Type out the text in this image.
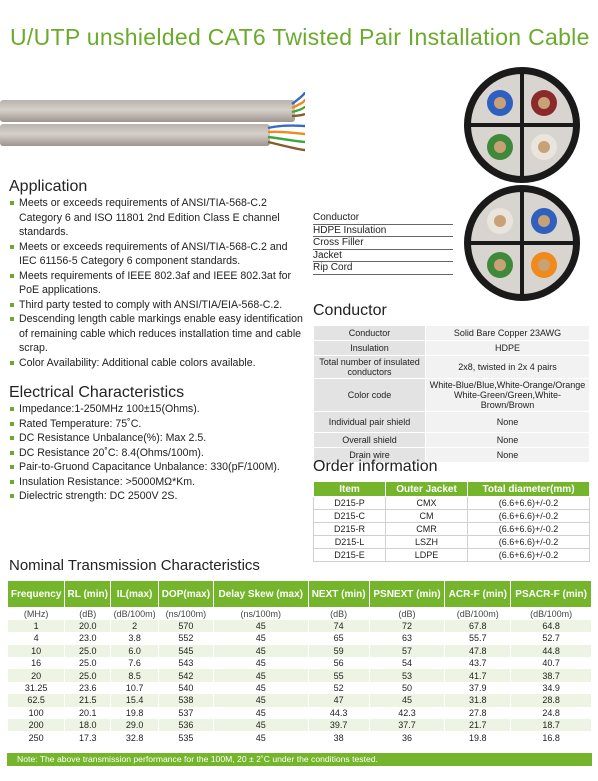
U/UTP unshielded CAT6 Twisted Pair Installation Cable
Conductor
HDPE Insulation
Cross Filler
Jacket
Rip Cord
Application
Meets or exceeds requirements of ANSI/TIA-568-C.2 Category 6 and ISO 11801 2nd Edition Class E channel standards.
Meets or exceeds requirements of ANSI/TIA-568-C.2 and IEC 61156-5 Category 6 component standards.
Meets requirements of IEEE 802.3af and IEEE 802.3at for PoE applications.
Third party tested to comply with ANSI/TIA/EIA-568-C.2.
Descending length cable markings enable easy identification of remaining cable which reduces installation time and cable scrap.
Color Availability: Additional cable colors available.
Electrical Characteristics
Impedance:1-250MHz 100±15(Ohms).
Rated Temperature: 75˚C.
DC Resistance Unbalance(%): Max 2.5.
DC Resistance 20˚C: 8.4(Ohms/100m).
Pair-to-Gruond Capacitance Unbalance: 330(pF/100M).
Insulation Resistance: >5000MΩ*Km.
Dielectric strength: DC 2500V 2S.
Conductor
Conductor	Solid Bare Copper 23AWG
Insulation	HDPE
Total number of insulated conductors	2x8, twisted in 2x 4 pairs
Color code	White-Blue/Blue,White-Orange/Orange White-Green/Green,White-Brown/Brown
Individual pair shield	None
Overall shield	None
Drain wire	None
Order information
Item	Outer Jacket	Total diameter(mm)
D215-P	CMX	(6.6+6.6)+/-0.2
D215-C	CM	(6.6+6.6)+/-0.2
D215-R	CMR	(6.6+6.6)+/-0.2
D215-L	LSZH	(6.6+6.6)+/-0.2
D215-E	LDPE	(6.6+6.6)+/-0.2
Nominal Transmission Characteristics
Frequency	RL (min)	IL(max)	DOP(max)	Delay Skew (max)	NEXT (min)	PSNEXT (min)	ACR-F (min)	PSACR-F (min)
(MHz)	(dB)	(dB/100m)	(ns/100m)	(ns/100m)	(dB)	(dB)	(dB/100m)	(dB/100m)
1	20.0	2	570	45	74	72	67.8	64.8
4	23.0	3.8	552	45	65	63	55.7	52.7
10	25.0	6.0	545	45	59	57	47.8	44.8
16	25.0	7.6	543	45	56	54	43.7	40.7
20	25.0	8.5	542	45	55	53	41.7	38.7
31.25	23.6	10.7	540	45	52	50	37.9	34.9
62.5	21.5	15.4	538	45	47	45	31.8	28.8
100	20.1	19.8	537	45	44.3	42.3	27.8	24.8
200	18.0	29.0	536	45	39.7	37.7	21.7	18.7
250	17.3	32.8	535	45	38	36	19.8	16.8
Note: The above transmission performance for the 100M, 20 ± 2˚C under the conditions tested.
